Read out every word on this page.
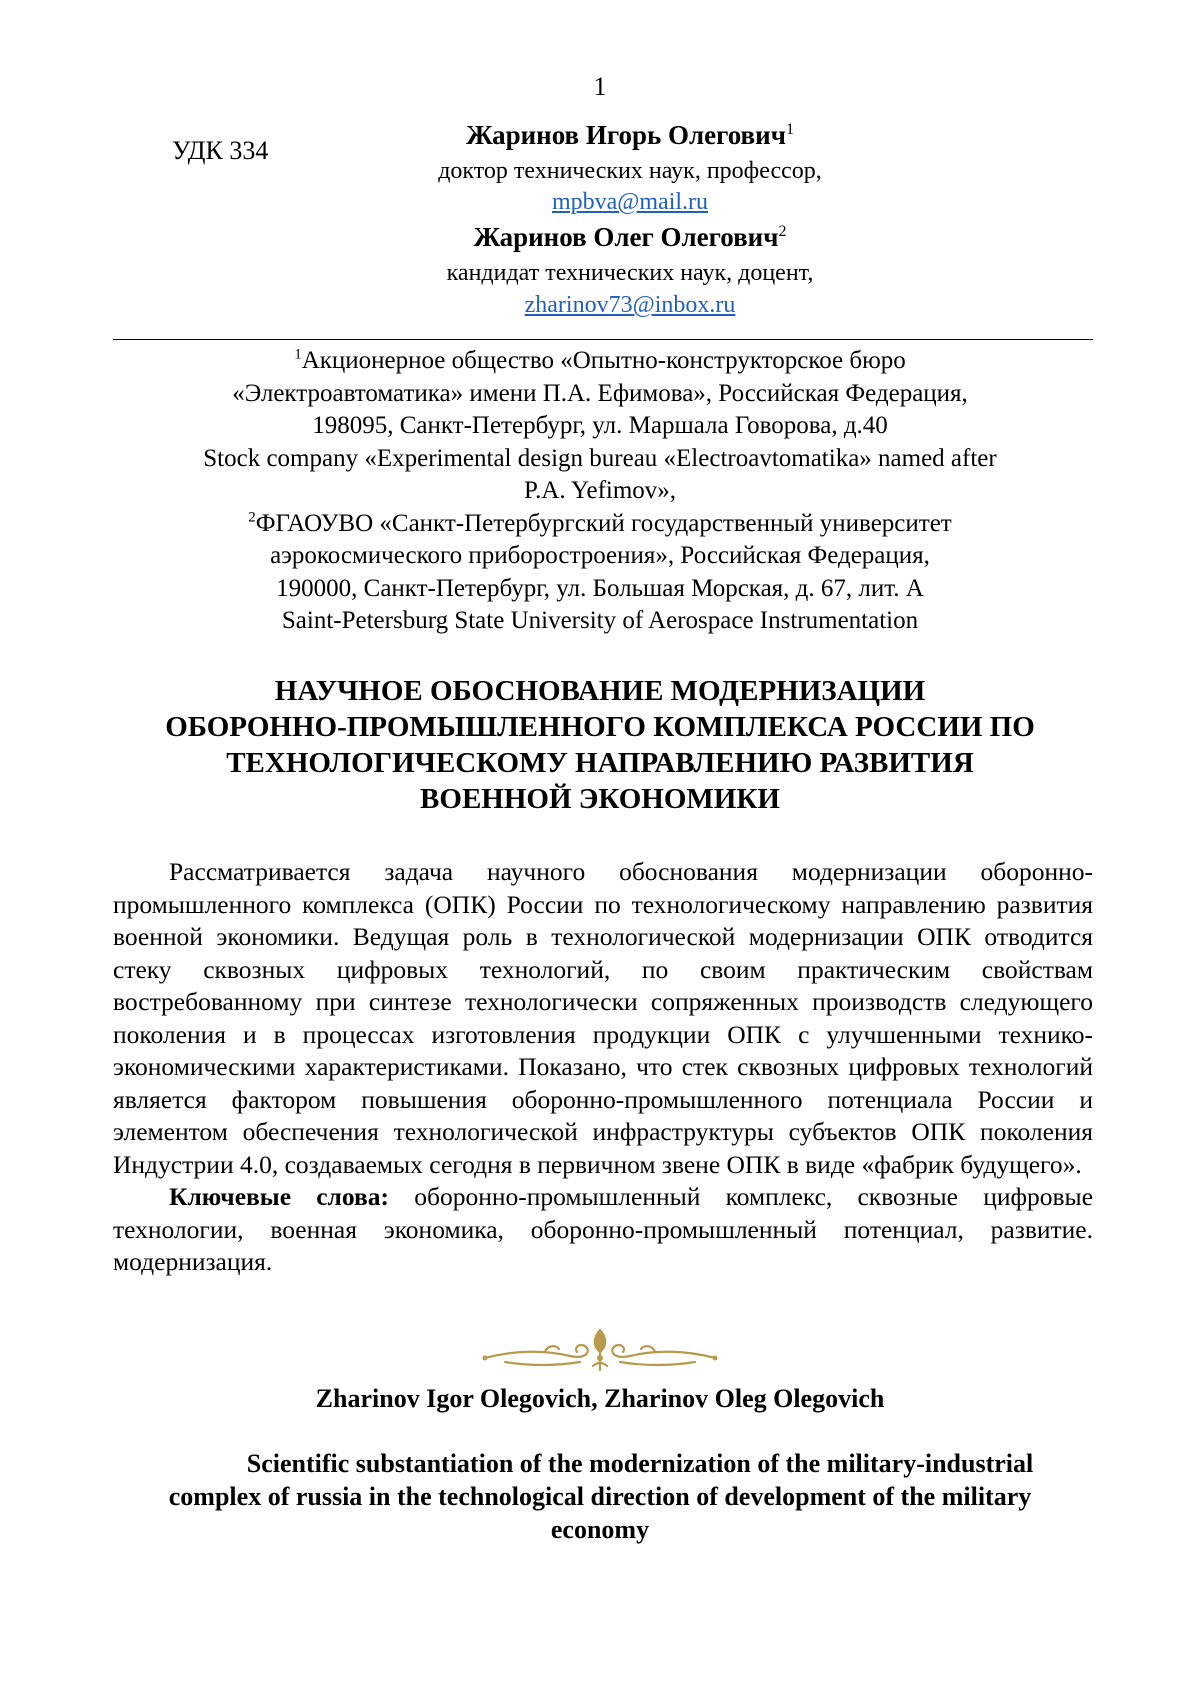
1
УДК 334
Жаринов Игорь Олегович$^1$
доктор технических наук, профессор,
mpbva@mail.ru
Жаринов Олег Олегович$^2$
кандидат технических наук, доцент,
zharinov73@inbox.ru
$^1$Акционерное общество «Опытно-конструкторское бюро
«Электроавтоматика» имени П.А. Ефимова», Российская Федерация,
198095, Санкт-Петербург, ул. Маршала Говорова, д.40
Stock company «Experimental design bureau «Electroavtomatika» named after
P.A. Yefimov»,
$^2$ФГАОУВО «Санкт-Петербургский государственный университет
аэрокосмического приборостроения», Российская Федерация,
190000, Санкт-Петербург, ул. Большая Морская, д. 67, лит. А
Saint-Petersburg State University of Aerospace Instrumentation
НАУЧНОЕ ОБОСНОВАНИЕ МОДЕРНИЗАЦИИ
ОБОРОННО-ПРОМЫШЛЕННОГО КОМПЛЕКСА РОССИИ ПО
ТЕХНОЛОГИЧЕСКОМУ НАПРАВЛЕНИЮ РАЗВИТИЯ
ВОЕННОЙ ЭКОНОМИКИ

Рассматривается задача научного обоснования модернизации оборонно-промышленного комплекса (ОПК) России по технологическому направлению развития военной экономики. Ведущая роль в технологической модернизации ОПК отводится стеку сквозных цифровых технологий, по своим практическим свойствам востребованному при синтезе технологически сопряженных производств следующего поколения и в процессах изготовления продукции ОПК с улучшенными технико-экономическими характеристиками. Показано, что стек сквозных цифровых технологий является фактором повышения оборонно-промышленного потенциала России и элементом обеспечения технологической инфраструктуры субъектов ОПК поколения Индустрии 4.0, создаваемых сегодня в первичном звене ОПК в виде «фабрик будущего».

Ключевые слова: оборонно-промышленный комплекс, сквозные цифровые технологии, военная экономика, оборонно-промышленный потенциал, развитие. модернизация.

Zharinov Igor Olegovich, Zharinov Oleg Olegovich
Scientific substantiation of the modernization of the military-industrial
complex of russia in the technological direction of development of the military
economy
